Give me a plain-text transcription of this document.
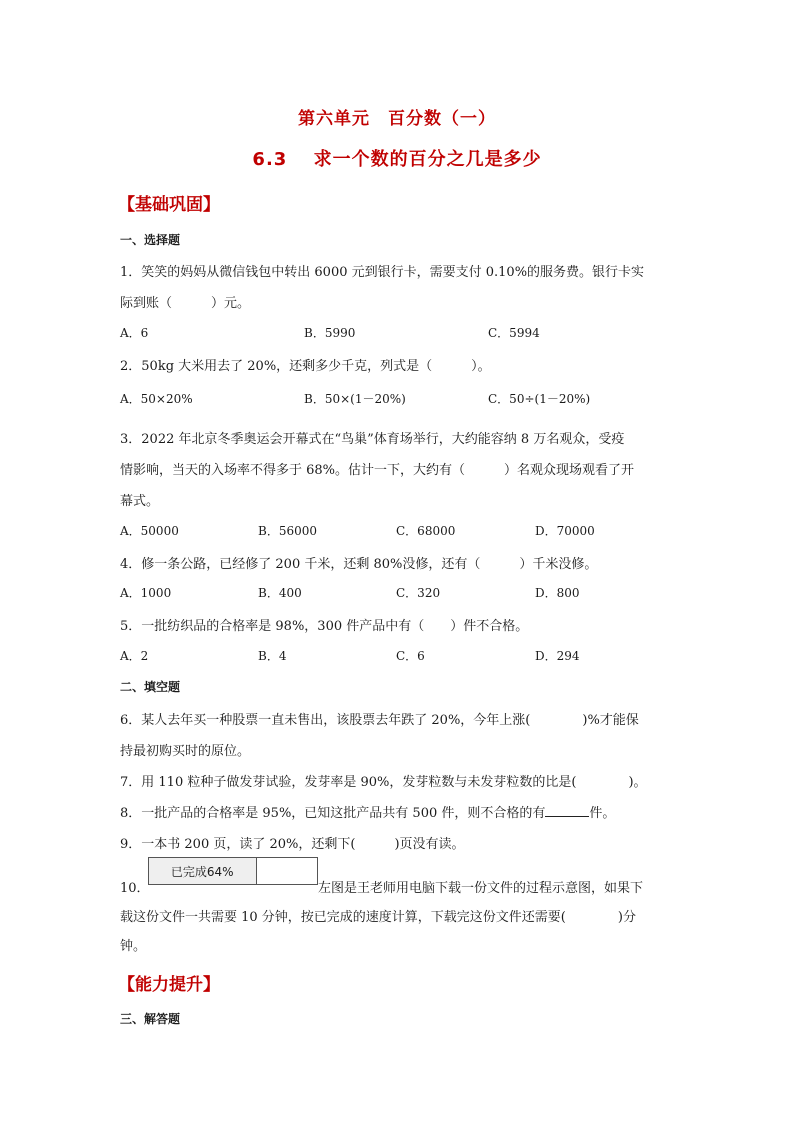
第六单元　百分数（一）
6.3　 求一个数的百分之几是多少
【基础巩固】
一、选择题
1．笑笑的妈妈从微信钱包中转出 6000 元到银行卡，需要支付 0.10%的服务费。银行卡实
际到账（　　　）元。
A．6	B．5990	C．5994
2．50kg 大米用去了 20%，还剩多少千克，列式是（　　　）。
A．50×20%	B．50×(1－20%)	C．50÷(1－20%)
3．2022 年北京冬季奥运会开幕式在“鸟巢”体育场举行，大约能容纳 8 万名观众，受疫
情影响，当天的入场率不得多于 68%。估计一下，大约有（　　　）名观众现场观看了开
幕式。
A．50000	B．56000	C．68000	D．70000
4．修一条公路，已经修了 200 千米，还剩 80%没修，还有（　　　）千米没修。
A．1000	B．400	C．320	D．800
5．一批纺织品的合格率是 98%，300 件产品中有（　　）件不合格。
A．2	B．4	C．6	D．294
二、填空题
6．某人去年买一种股票一直未售出，该股票去年跌了 20%，今年上涨(　　　　)%才能保
持最初购买时的原位。
7．用 110 粒种子做发芽试验，发芽率是 90%，发芽粒数与未发芽粒数的比是(　　　　)。
8．一批产品的合格率是 95%，已知这批产品共有 500 件，则不合格的有	件。
9．一本书 200 页，读了 20%，还剩下(　　　)页没有读。
已完成64%
10．	左图是王老师用电脑下载一份文件的过程示意图，如果下
载这份文件一共需要 10 分钟，按已完成的速度计算，下载完这份文件还需要(　　　　)分
钟。
【能力提升】
三、解答题
